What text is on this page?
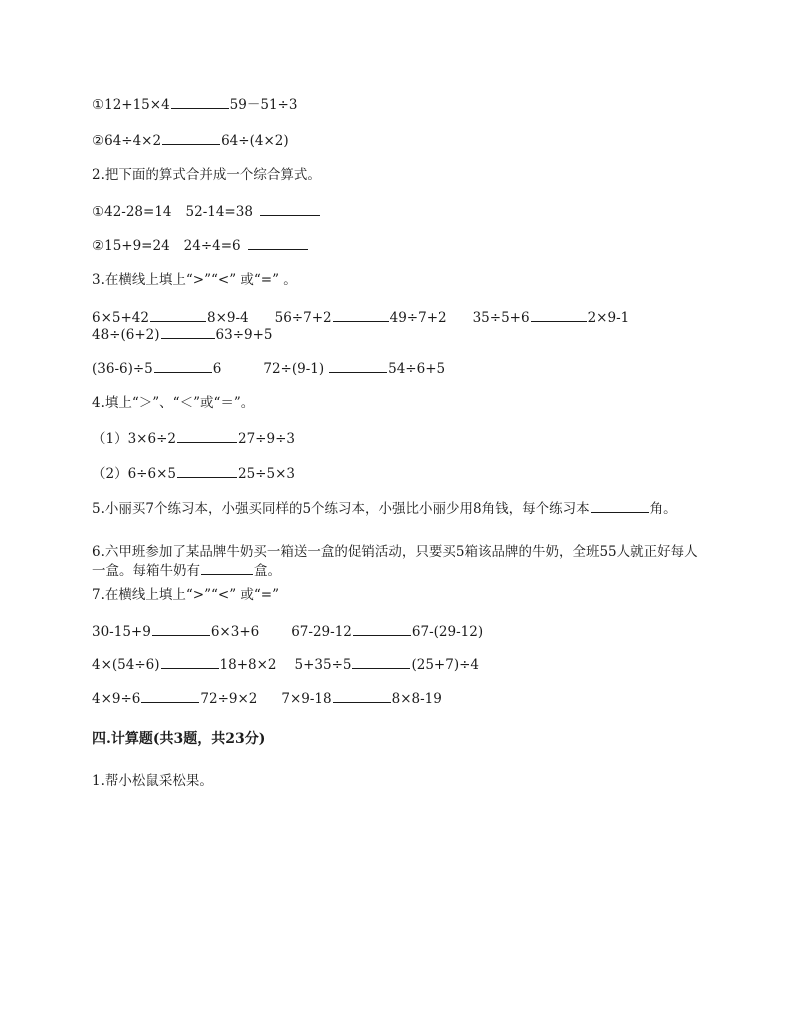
①12+15×4	59－51÷3
②64÷4×2	64÷(4×2)
2.把下面的算式合并成一个综合算式。
①42-28=14 52-14=38
②15+9=24 24÷4=6
3.在横线上填上“>”“<” 或“=” 。
6×5+42	8×9-4 56÷7+2	49÷7+2 35÷5+6	2×9-1
48÷(6+2)	63÷9+5
(36-6)÷5	6	72÷(9-1)	54÷6+5
4.填上“＞”、“＜”或“＝”。
（1）3×6÷2	27÷9÷3
（2）6÷6×5	25÷5×3
5.小丽买7个练习本，小强买同样的5个练习本，小强比小丽少用8角钱，每个练习本	角。
6.六甲班参加了某品牌牛奶买一箱送一盒的促销活动，只要买5箱该品牌的牛奶，全班55人就正好每人一盒。每箱牛奶有	盒。
7.在横线上填上“>”“<” 或“=”
30-15+9	6×3+6 67-29-12	67-(29-12)
4×(54÷6)	18+8×2 5+35÷5	(25+7)÷4
4×9÷6	72÷9×2 7×9-18	8×8-19
四.计算题(共3题，共23分)
1.帮小松鼠采松果。
